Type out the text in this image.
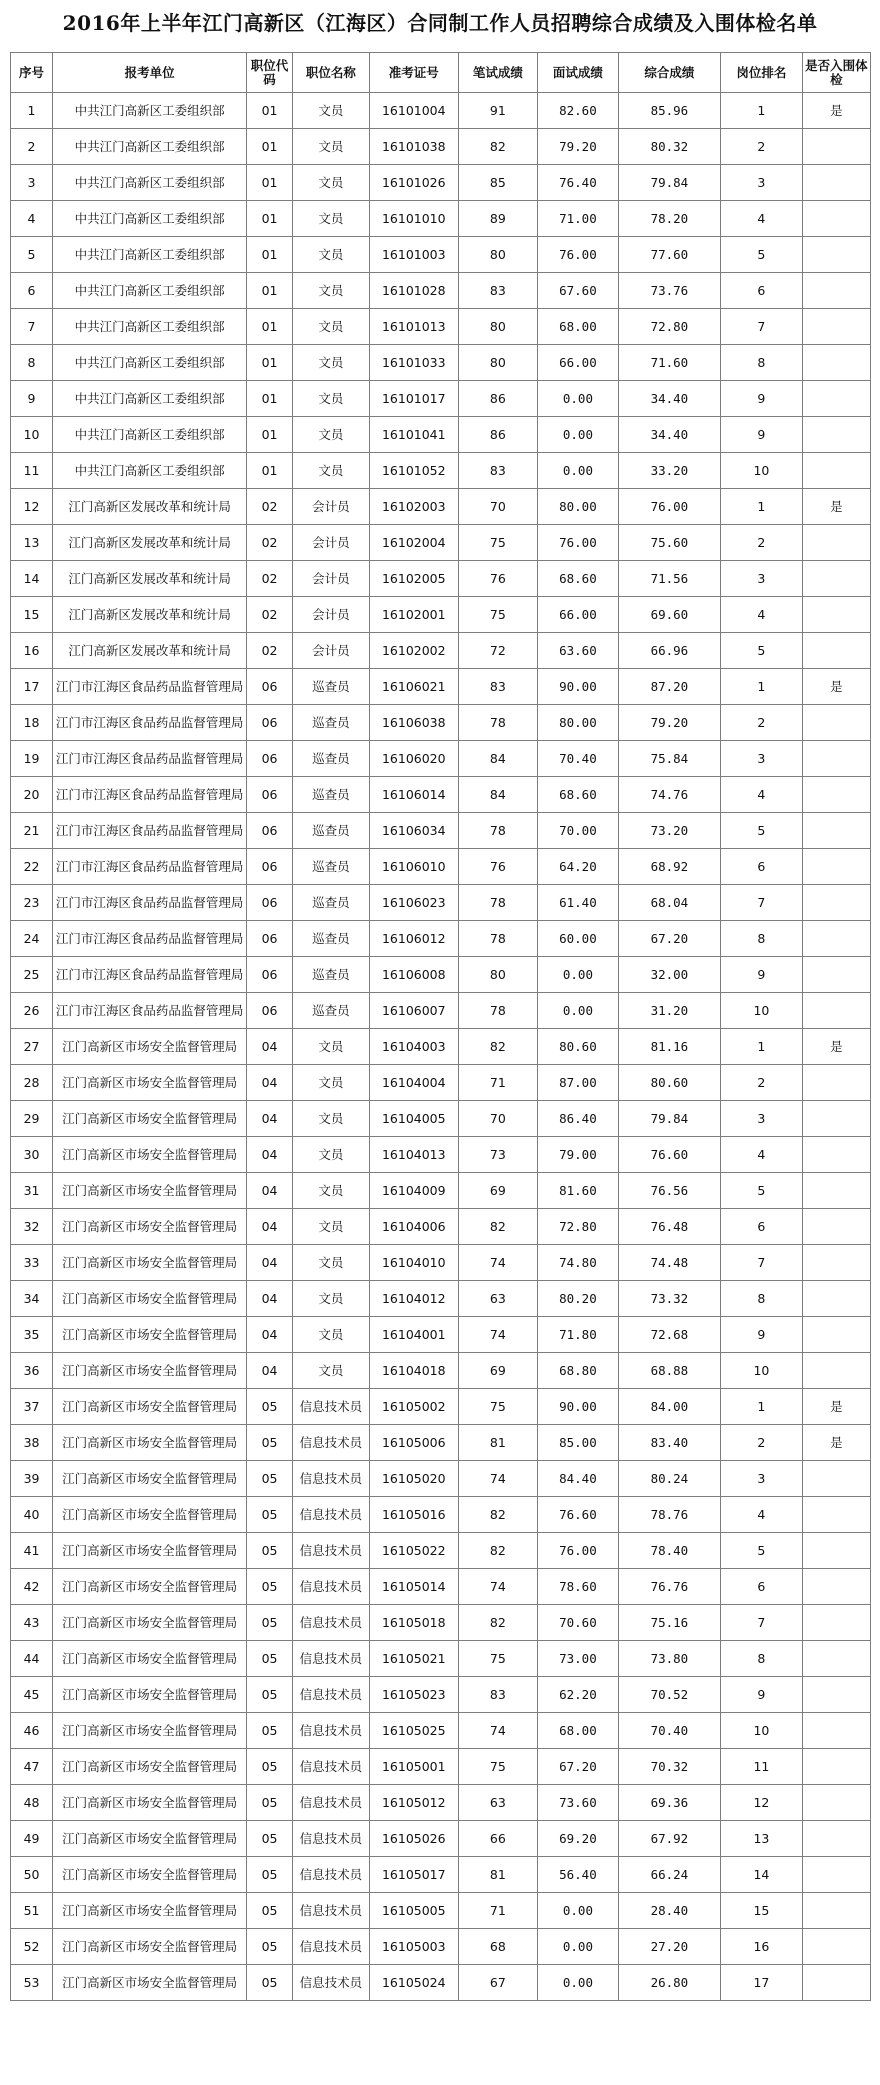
2016年上半年江门高新区（江海区）合同制工作人员招聘综合成绩及入围体检名单
序号	报考单位	职位代码	职位名称	准考证号	笔试成绩	面试成绩	综合成绩	岗位排名	是否入围体检
1	中共江门高新区工委组织部	01	文员	16101004	91	82.60	85.96	1	是
2	中共江门高新区工委组织部	01	文员	16101038	82	79.20	80.32	2	
3	中共江门高新区工委组织部	01	文员	16101026	85	76.40	79.84	3	
4	中共江门高新区工委组织部	01	文员	16101010	89	71.00	78.20	4	
5	中共江门高新区工委组织部	01	文员	16101003	80	76.00	77.60	5	
6	中共江门高新区工委组织部	01	文员	16101028	83	67.60	73.76	6	
7	中共江门高新区工委组织部	01	文员	16101013	80	68.00	72.80	7	
8	中共江门高新区工委组织部	01	文员	16101033	80	66.00	71.60	8	
9	中共江门高新区工委组织部	01	文员	16101017	86	0.00	34.40	9	
10	中共江门高新区工委组织部	01	文员	16101041	86	0.00	34.40	9	
11	中共江门高新区工委组织部	01	文员	16101052	83	0.00	33.20	10	
12	江门高新区发展改革和统计局	02	会计员	16102003	70	80.00	76.00	1	是
13	江门高新区发展改革和统计局	02	会计员	16102004	75	76.00	75.60	2	
14	江门高新区发展改革和统计局	02	会计员	16102005	76	68.60	71.56	3	
15	江门高新区发展改革和统计局	02	会计员	16102001	75	66.00	69.60	4	
16	江门高新区发展改革和统计局	02	会计员	16102002	72	63.60	66.96	5	
17	江门市江海区食品药品监督管理局	06	巡查员	16106021	83	90.00	87.20	1	是
18	江门市江海区食品药品监督管理局	06	巡查员	16106038	78	80.00	79.20	2	
19	江门市江海区食品药品监督管理局	06	巡查员	16106020	84	70.40	75.84	3	
20	江门市江海区食品药品监督管理局	06	巡查员	16106014	84	68.60	74.76	4	
21	江门市江海区食品药品监督管理局	06	巡查员	16106034	78	70.00	73.20	5	
22	江门市江海区食品药品监督管理局	06	巡查员	16106010	76	64.20	68.92	6	
23	江门市江海区食品药品监督管理局	06	巡查员	16106023	78	61.40	68.04	7	
24	江门市江海区食品药品监督管理局	06	巡查员	16106012	78	60.00	67.20	8	
25	江门市江海区食品药品监督管理局	06	巡查员	16106008	80	0.00	32.00	9	
26	江门市江海区食品药品监督管理局	06	巡查员	16106007	78	0.00	31.20	10	
27	江门高新区市场安全监督管理局	04	文员	16104003	82	80.60	81.16	1	是
28	江门高新区市场安全监督管理局	04	文员	16104004	71	87.00	80.60	2	
29	江门高新区市场安全监督管理局	04	文员	16104005	70	86.40	79.84	3	
30	江门高新区市场安全监督管理局	04	文员	16104013	73	79.00	76.60	4	
31	江门高新区市场安全监督管理局	04	文员	16104009	69	81.60	76.56	5	
32	江门高新区市场安全监督管理局	04	文员	16104006	82	72.80	76.48	6	
33	江门高新区市场安全监督管理局	04	文员	16104010	74	74.80	74.48	7	
34	江门高新区市场安全监督管理局	04	文员	16104012	63	80.20	73.32	8	
35	江门高新区市场安全监督管理局	04	文员	16104001	74	71.80	72.68	9	
36	江门高新区市场安全监督管理局	04	文员	16104018	69	68.80	68.88	10	
37	江门高新区市场安全监督管理局	05	信息技术员	16105002	75	90.00	84.00	1	是
38	江门高新区市场安全监督管理局	05	信息技术员	16105006	81	85.00	83.40	2	是
39	江门高新区市场安全监督管理局	05	信息技术员	16105020	74	84.40	80.24	3	
40	江门高新区市场安全监督管理局	05	信息技术员	16105016	82	76.60	78.76	4	
41	江门高新区市场安全监督管理局	05	信息技术员	16105022	82	76.00	78.40	5	
42	江门高新区市场安全监督管理局	05	信息技术员	16105014	74	78.60	76.76	6	
43	江门高新区市场安全监督管理局	05	信息技术员	16105018	82	70.60	75.16	7	
44	江门高新区市场安全监督管理局	05	信息技术员	16105021	75	73.00	73.80	8	
45	江门高新区市场安全监督管理局	05	信息技术员	16105023	83	62.20	70.52	9	
46	江门高新区市场安全监督管理局	05	信息技术员	16105025	74	68.00	70.40	10	
47	江门高新区市场安全监督管理局	05	信息技术员	16105001	75	67.20	70.32	11	
48	江门高新区市场安全监督管理局	05	信息技术员	16105012	63	73.60	69.36	12	
49	江门高新区市场安全监督管理局	05	信息技术员	16105026	66	69.20	67.92	13	
50	江门高新区市场安全监督管理局	05	信息技术员	16105017	81	56.40	66.24	14	
51	江门高新区市场安全监督管理局	05	信息技术员	16105005	71	0.00	28.40	15	
52	江门高新区市场安全监督管理局	05	信息技术员	16105003	68	0.00	27.20	16	
53	江门高新区市场安全监督管理局	05	信息技术员	16105024	67	0.00	26.80	17	
